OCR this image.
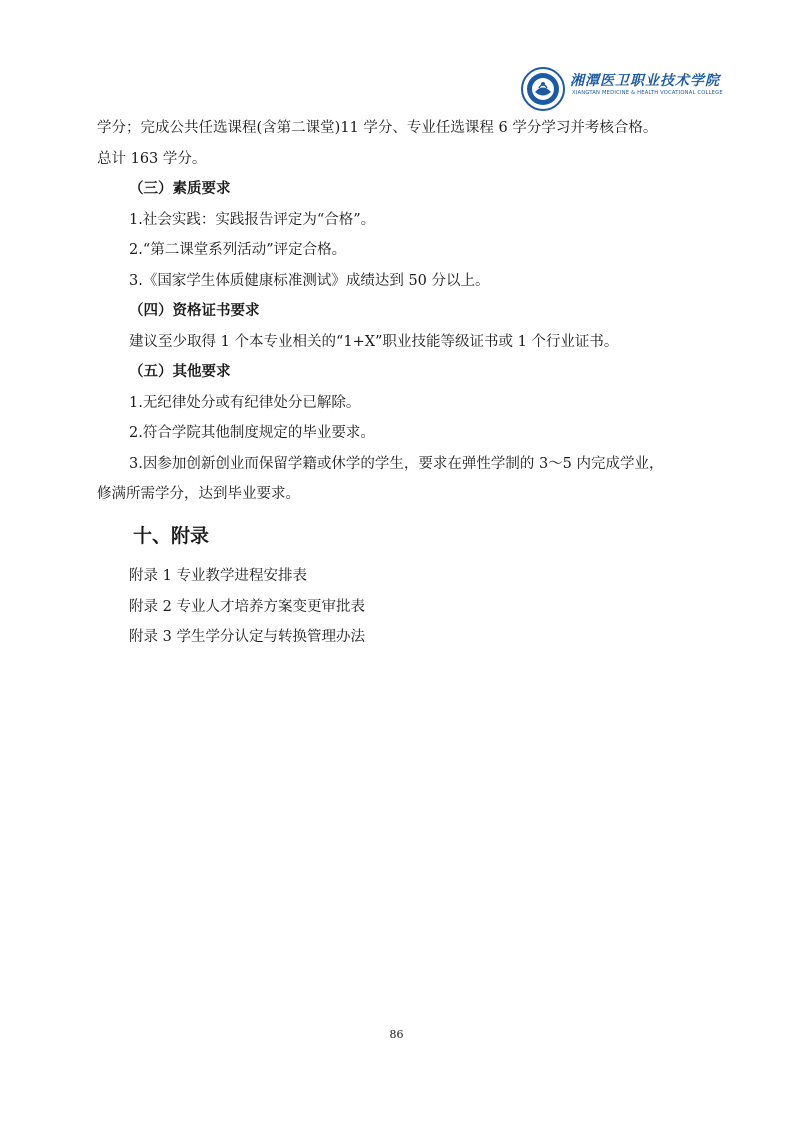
湘潭医卫职业技术学院
XIANGTAN MEDICINE & HEALTH VOCATIONAL COLLEGE
学分；完成公共任选课程(含第二课堂)11 学分、专业任选课程 6 学分学习并考核合格。
总计 163 学分。
（三）素质要求
1.社会实践：实践报告评定为“合格”。
2.“第二课堂系列活动”评定合格。
3.《国家学生体质健康标准测试》成绩达到 50 分以上。
（四）资格证书要求
建议至少取得 1 个本专业相关的“1+X”职业技能等级证书或 1 个行业证书。
（五）其他要求
1.无纪律处分或有纪律处分已解除。
2.符合学院其他制度规定的毕业要求。
3.因参加创新创业而保留学籍或休学的学生，要求在弹性学制的 3～5 内完成学业，
修满所需学分，达到毕业要求。
十、附录
附录 1 专业教学进程安排表
附录 2 专业人才培养方案变更审批表
附录 3 学生学分认定与转换管理办法
86
